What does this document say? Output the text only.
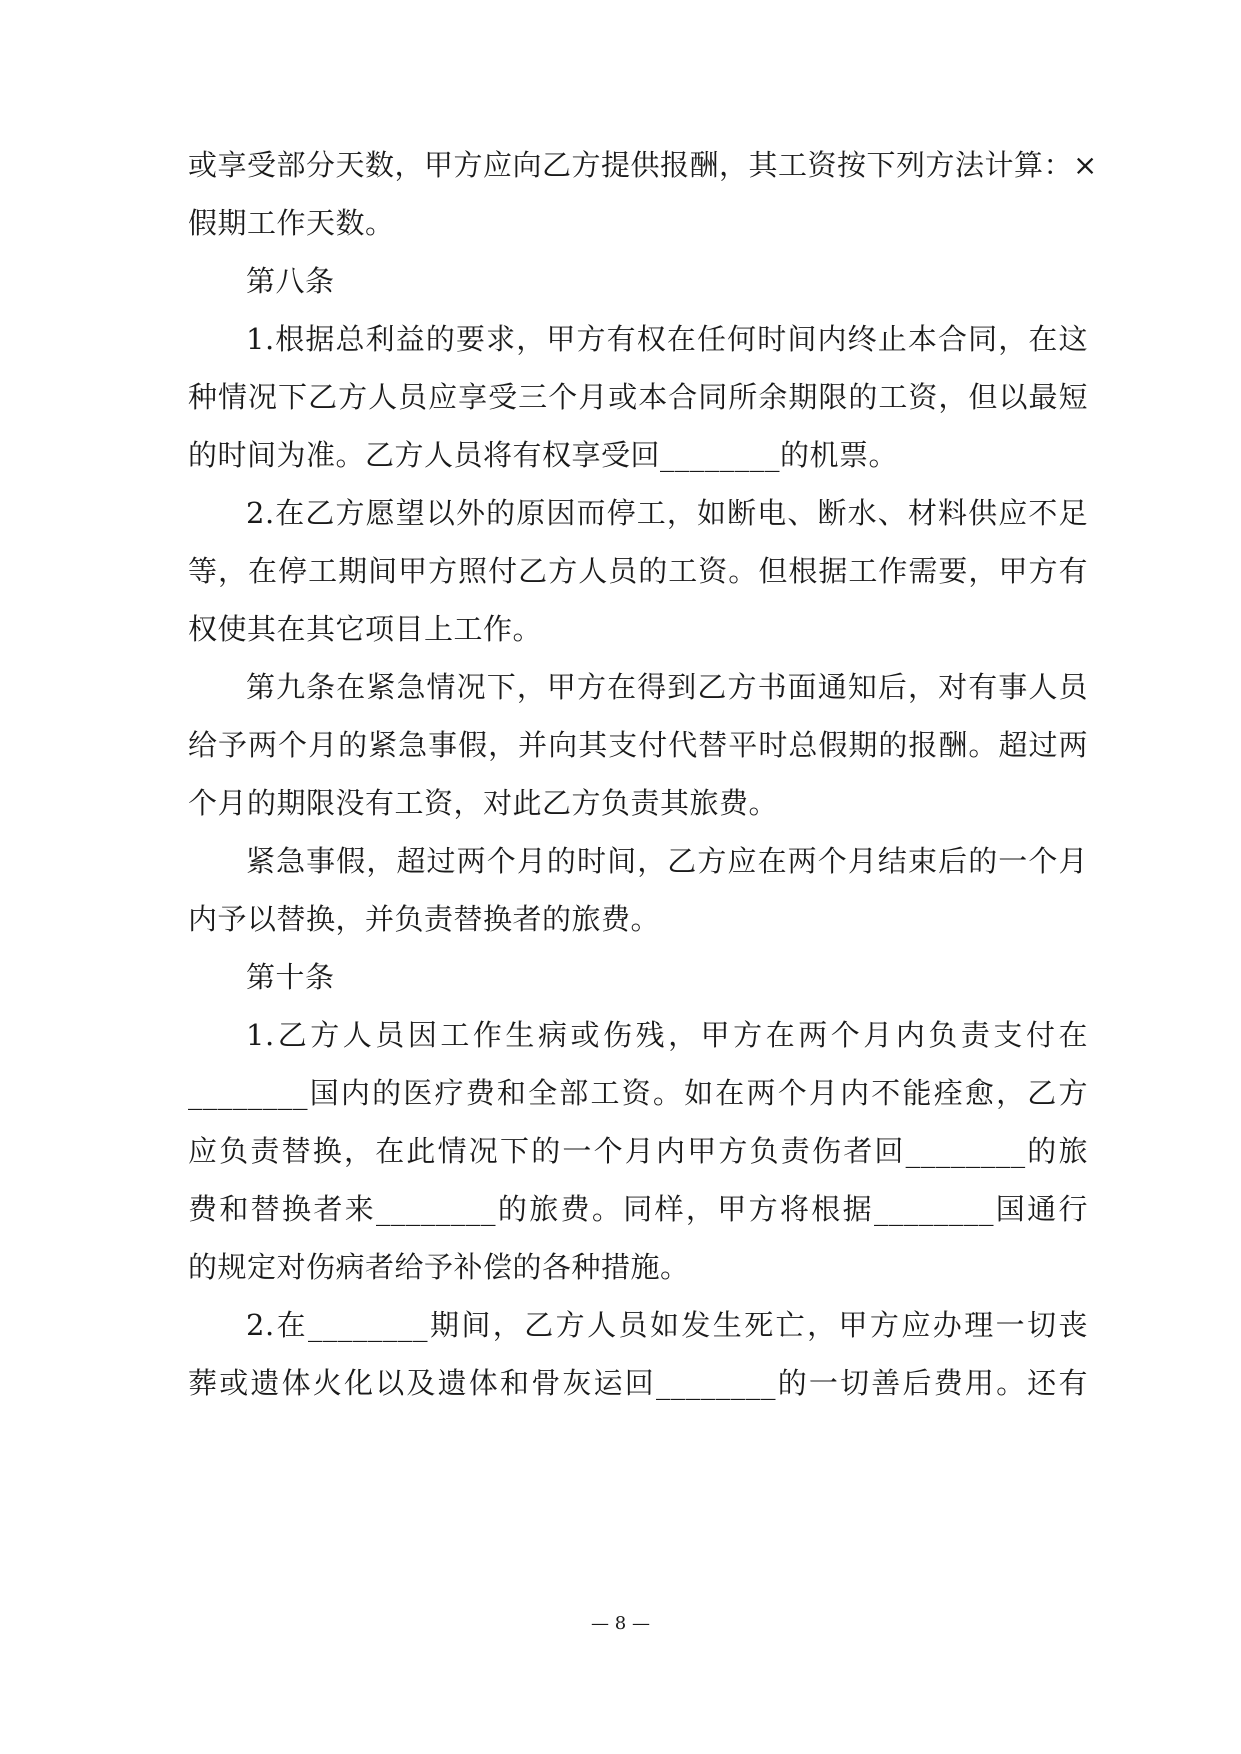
或享受部分天数，甲方应向乙方提供报酬，其工资按下列方法计算：×
假期工作天数。
第八条
1.根据总利益的要求，甲方有权在任何时间内终止本合同，在这
种情况下乙方人员应享受三个月或本合同所余期限的工资，但以最短
的时间为准。乙方人员将有权享受回________的机票。
2.在乙方愿望以外的原因而停工，如断电、断水、材料供应不足
等，在停工期间甲方照付乙方人员的工资。但根据工作需要，甲方有
权使其在其它项目上工作。
第九条在紧急情况下，甲方在得到乙方书面通知后，对有事人员
给予两个月的紧急事假，并向其支付代替平时总假期的报酬。超过两
个月的期限没有工资，对此乙方负责其旅费。
紧急事假，超过两个月的时间，乙方应在两个月结束后的一个月
内予以替换，并负责替换者的旅费。
第十条
1.乙方人员因工作生病或伤残，甲方在两个月内负责支付在
________国内的医疗费和全部工资。如在两个月内不能痊愈，乙方
应负责替换，在此情况下的一个月内甲方负责伤者回________的旅
费和替换者来________的旅费。同样，甲方将根据________国通行
的规定对伤病者给予补偿的各种措施。
2.在________期间，乙方人员如发生死亡，甲方应办理一切丧
葬或遗体火化以及遗体和骨灰运回________的一切善后费用。还有
— 8 —
